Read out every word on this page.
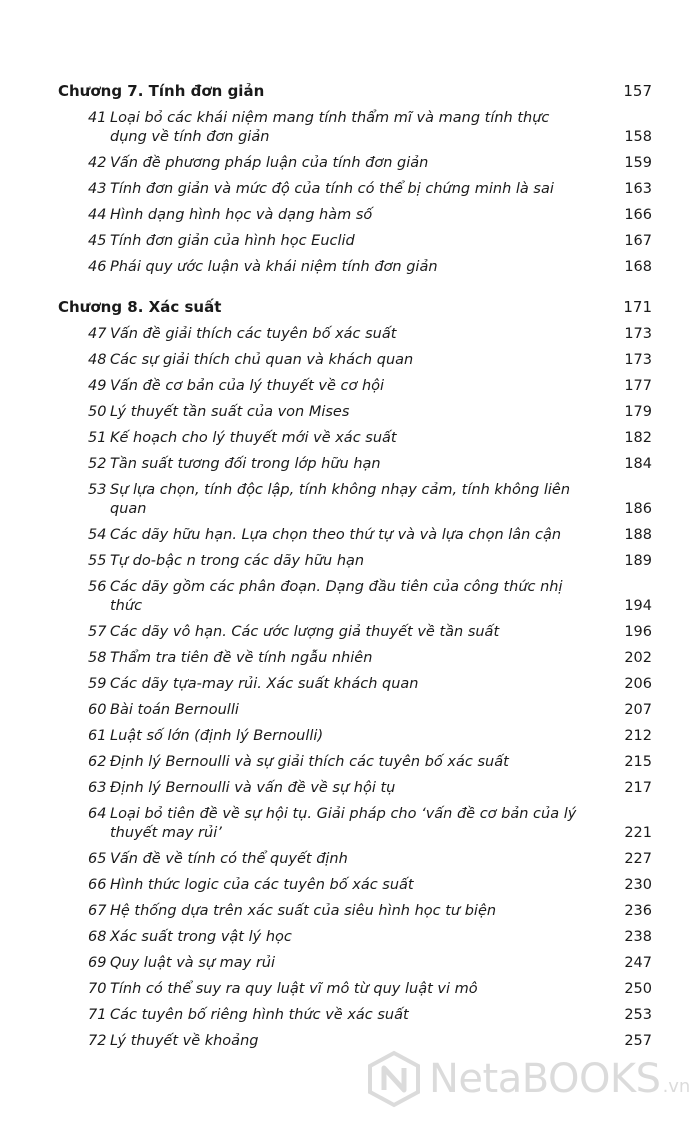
Chương 7. Tính đơn giản	157
41 Loại bỏ các khái niệm mang tính thẩm mĩ và mang tính thực dụng về tính đơn giản	158
42 Vấn đề phương pháp luận của tính đơn giản	159
43 Tính đơn giản và mức độ của tính có thể bị chứng minh là sai	163
44 Hình dạng hình học và dạng hàm số	166
45 Tính đơn giản của hình học Euclid	167
46 Phái quy ước luận và khái niệm tính đơn giản	168
Chương 8. Xác suất	171
47 Vấn đề giải thích các tuyên bố xác suất	173
48 Các sự giải thích chủ quan và khách quan	173
49 Vấn đề cơ bản của lý thuyết về cơ hội	177
50 Lý thuyết tần suất của von Mises	179
51 Kế hoạch cho lý thuyết mới về xác suất	182
52 Tần suất tương đối trong lớp hữu hạn	184
53 Sự lựa chọn, tính độc lập, tính không nhạy cảm, tính không liên quan	186
54 Các dãy hữu hạn. Lựa chọn theo thứ tự và và lựa chọn lân cận	188
55 Tự do-bậc n trong các dãy hữu hạn	189
56 Các dãy gồm các phân đoạn. Dạng đầu tiên của công thức nhị thức	194
57 Các dãy vô hạn. Các ước lượng giả thuyết về tần suất	196
58 Thẩm tra tiên đề về tính ngẫu nhiên	202
59 Các dãy tựa-may rủi. Xác suất khách quan	206
60 Bài toán Bernoulli	207
61 Luật số lớn (định lý Bernoulli)	212
62 Định lý Bernoulli và sự giải thích các tuyên bố xác suất	215
63 Định lý Bernoulli và vấn đề về sự hội tụ	217
64 Loại bỏ tiên đề về sự hội tụ. Giải pháp cho ‘vấn đề cơ bản của lý thuyết may rủi’	221
65 Vấn đề về tính có thể quyết định	227
66 Hình thức logic của các tuyên bố xác suất	230
67 Hệ thống dựa trên xác suất của siêu hình học tư biện	236
68 Xác suất trong vật lý học	238
69 Quy luật và sự may rủi	247
70 Tính có thể suy ra quy luật vĩ mô từ quy luật vi mô	250
71 Các tuyên bố riêng hình thức về xác suất	253
72 Lý thuyết về khoảng	257
NetaBOOKS .vn
